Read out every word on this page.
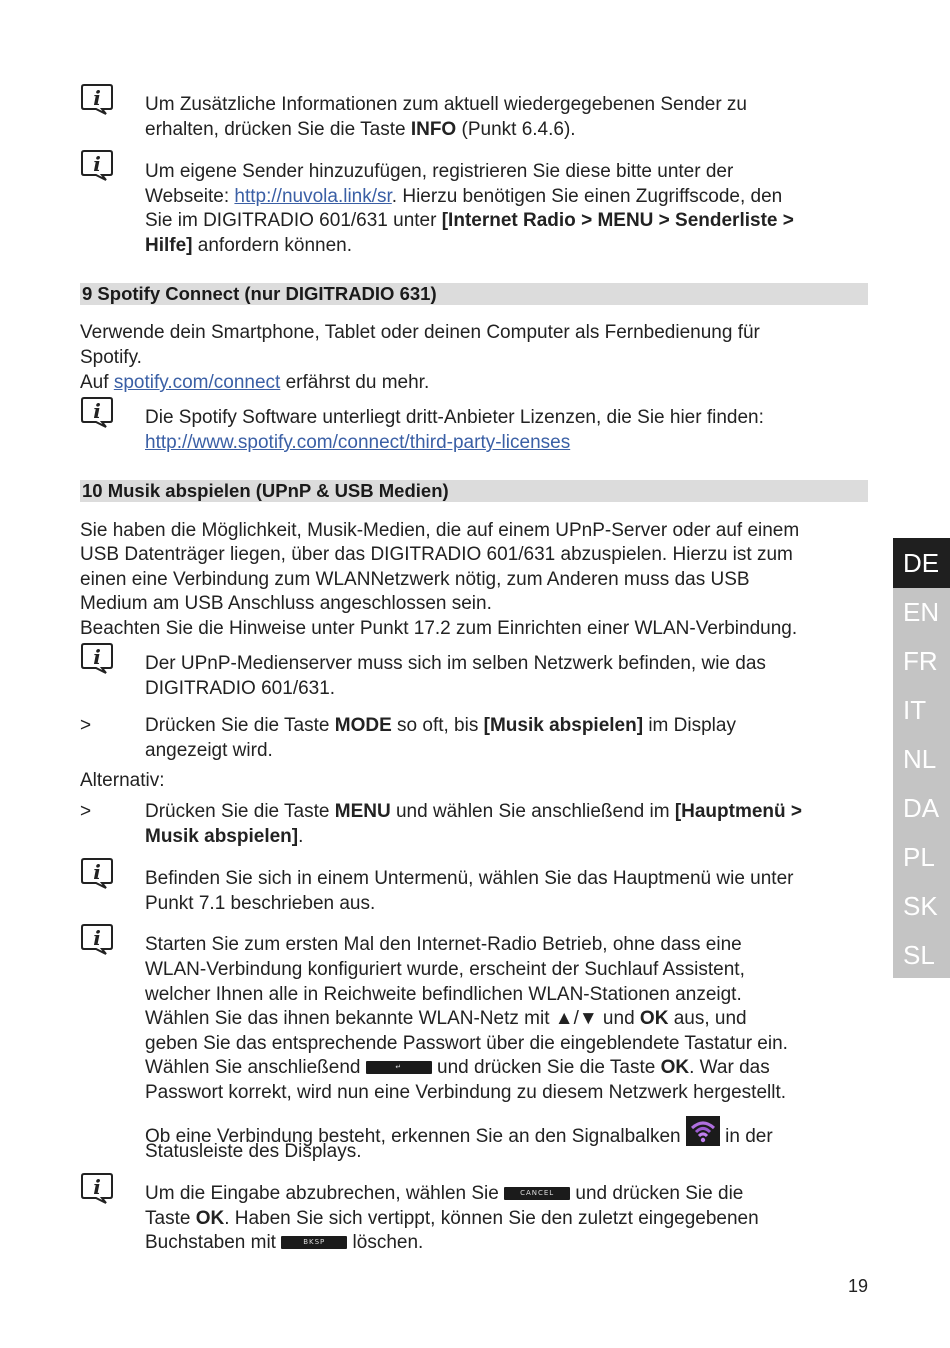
i Um Zusätzliche Informationen zum aktuell wiedergegebenen Sender zu
erhalten, drücken Sie die Taste INFO (Punkt 6.4.6).
i Um eigene Sender hinzuzufügen, registrieren Sie diese bitte unter der
Webseite: http://nuvola.link/sr. Hierzu benötigen Sie einen Zugriffscode, den
Sie im DIGITRADIO 601/631 unter [Internet Radio > MENU > Senderliste >
Hilfe] anfordern können.
9 Spotify Connect (nur DIGITRADIO 631)
Verwende dein Smartphone, Tablet oder deinen Computer als Fernbedienung für
Spotify.
Auf spotify.com/connect erfährst du mehr.
i Die Spotify Software unterliegt dritt-Anbieter Lizenzen, die Sie hier finden:
http://www.spotify.com/connect/third-party-licenses
10 Musik abspielen (UPnP & USB Medien)
Sie haben die Möglichkeit, Musik-Medien, die auf einem UPnP-Server oder auf einem
USB Datenträger liegen, über das DIGITRADIO 601/631 abzuspielen. Hierzu ist zum
einen eine Verbindung zum WLANNetzwerk nötig, zum Anderen muss das USB
Medium am USB Anschluss angeschlossen sein.
Beachten Sie die Hinweise unter Punkt 17.2 zum Einrichten einer WLAN-Verbindung.
i Der UPnP-Medienserver muss sich im selben Netzwerk befinden, wie das
DIGITRADIO 601/631.
>	Drücken Sie die Taste MODE so oft, bis [Musik abspielen] im Display
angezeigt wird.
Alternativ:
>	Drücken Sie die Taste MENU und wählen Sie anschließend im [Hauptmenü >
Musik abspielen].
i Befinden Sie sich in einem Untermenü, wählen Sie das Hauptmenü wie unter
Punkt 7.1 beschrieben aus.
i Starten Sie zum ersten Mal den Internet-Radio Betrieb, ohne dass eine
WLAN-Verbindung konfiguriert wurde, erscheint der Suchlauf Assistent,
welcher Ihnen alle in Reichweite befindlichen WLAN-Stationen anzeigt.
Wählen Sie das ihnen bekannte WLAN-Netz mit ▲/▼ und OK aus, und
geben Sie das entsprechende Passwort über die eingeblendete Tastatur ein.
Wählen Sie anschließend	↵ und drücken Sie die Taste OK. War das
Passwort korrekt, wird nun eine Verbindung zu diesem Netzwerk hergestellt.
Ob eine Verbindung besteht, erkennen Sie an den Signalbalken  in der
Statusleiste des Displays.
i Um die Eingabe abzubrechen, wählen Sie CANCEL und drücken Sie die
Taste OK. Haben Sie sich vertippt, können Sie den zuletzt eingegebenen
Buchstaben mit	BKSP löschen.
DE
EN
FR
IT
NL
DA
PL
SK
SL
19
